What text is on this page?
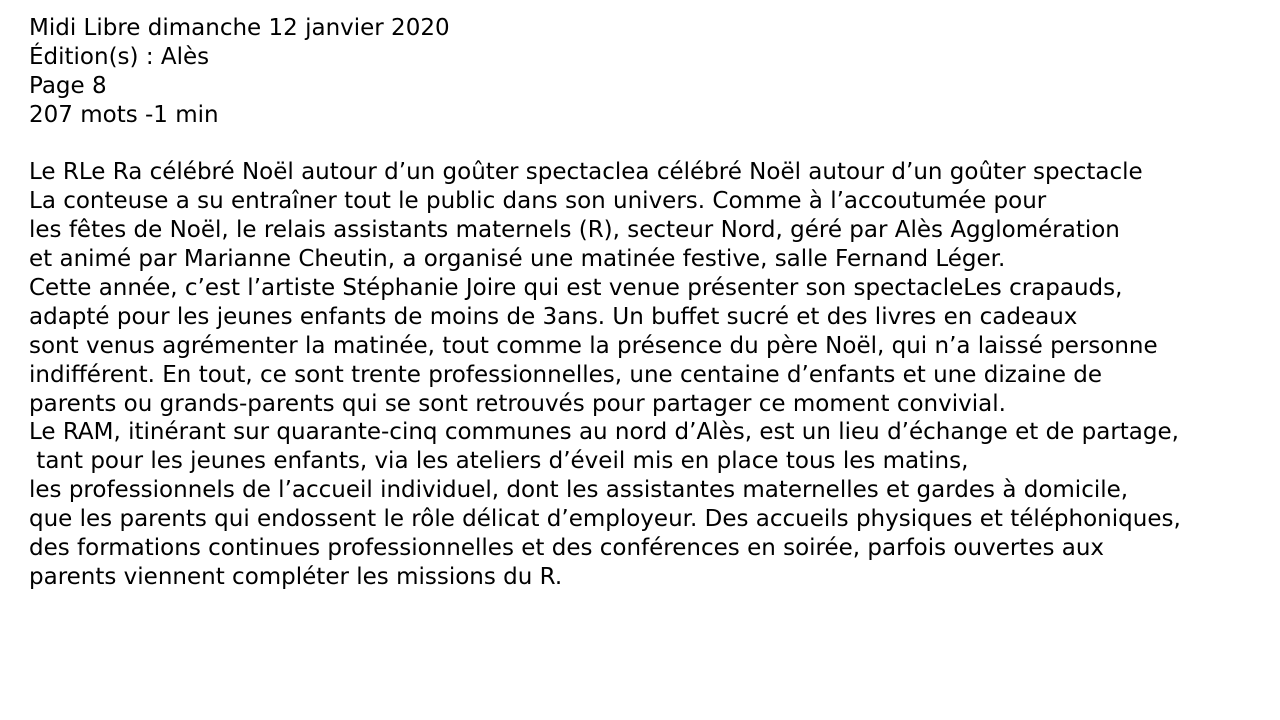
Midi Libre dimanche 12 janvier 2020
Édition(s) : Alès
Page 8
207 mots -1 min
Le RLe Ra célébré Noël autour d’un goûter spectaclea célébré Noël autour d’un goûter spectacle
La conteuse a su entraîner tout le public dans son univers. Comme à l’accoutumée pour
les fêtes de Noël, le relais assistants maternels (R), secteur Nord, géré par Alès Agglomération
et animé par Marianne Cheutin, a organisé une matinée festive, salle Fernand Léger.
Cette année, c’est l’artiste Stéphanie Joire qui est venue présenter son spectacleLes crapauds,
adapté pour les jeunes enfants de moins de 3ans. Un buffet sucré et des livres en cadeaux
sont venus agrémenter la matinée, tout comme la présence du père Noël, qui n’a laissé personne
indifférent. En tout, ce sont trente professionnelles, une centaine d’enfants et une dizaine de
parents ou grands-parents qui se sont retrouvés pour partager ce moment convivial.
Le RAM, itinérant sur quarante-cinq communes au nord d’Alès, est un lieu d’échange et de partage,
tant pour les jeunes enfants, via les ateliers d’éveil mis en place tous les matins,
les professionnels de l’accueil individuel, dont les assistantes maternelles et gardes à domicile,
que les parents qui endossent le rôle délicat d’employeur. Des accueils physiques et téléphoniques,
des formations continues professionnelles et des conférences en soirée, parfois ouvertes aux
parents viennent compléter les missions du R.
